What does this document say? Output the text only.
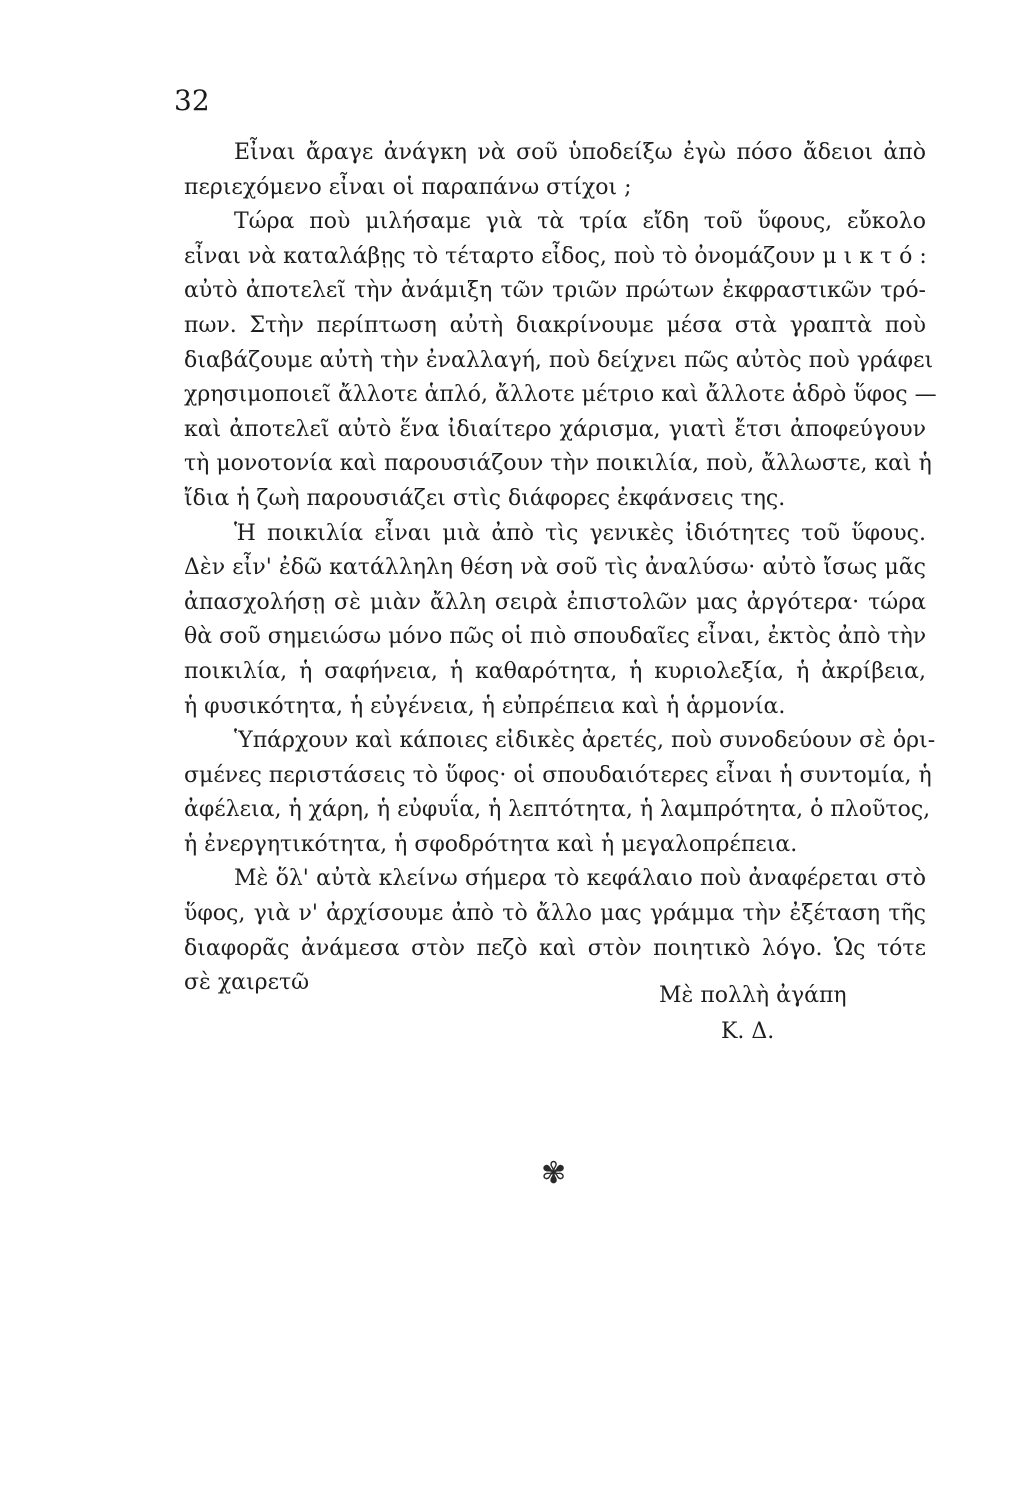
32
Εἶναι ἄραγε ἀνάγκη νὰ σοῦ ὑποδείξω ἐγὼ πόσο ἄδειοι ἀπὸ
περιεχόμενο εἶναι οἱ παραπάνω στίχοι ;
Τώρα ποὺ μιλήσαμε γιὰ τὰ τρία εἴδη τοῦ ὕφους, εὔκολο
εἶναι νὰ καταλάβῃς τὸ τέταρτο εἶδος, ποὺ τὸ ὀνομάζουν μ ι κ τ ό :
αὐτὸ ἀποτελεῖ τὴν ἀνάμιξη τῶν τριῶν πρώτων ἐκφραστικῶν τρό-
πων. Στὴν περίπτωση αὐτὴ διακρίνουμε μέσα στὰ γραπτὰ ποὺ
διαβάζουμε αὐτὴ τὴν ἐναλλαγή, ποὺ δείχνει πῶς αὐτὸς ποὺ γράφει
χρησιμοποιεῖ ἄλλοτε ἁπλό, ἄλλοτε μέτριο καὶ ἄλλοτε ἁδρὸ ὕφος —
καὶ ἀποτελεῖ αὐτὸ ἕνα ἰδιαίτερο χάρισμα, γιατὶ ἔτσι ἀποφεύγουν
τὴ μονοτονία καὶ παρουσιάζουν τὴν ποικιλία, ποὺ, ἄλλωστε, καὶ ἡ
ἴδια ἡ ζωὴ παρουσιάζει στὶς διάφορες ἐκφάνσεις της.
Ἡ ποικιλία εἶναι μιὰ ἀπὸ τὶς γενικὲς ἰδιότητες τοῦ ὕφους.
Δὲν εἶν' ἐδῶ κατάλληλη θέση νὰ σοῦ τὶς ἀναλύσω· αὐτὸ ἴσως μᾶς
ἀπασχολήσῃ σὲ μιὰν ἄλλη σειρὰ ἐπιστολῶν μας ἀργότερα· τώρα
θὰ σοῦ σημειώσω μόνο πῶς οἱ πιὸ σπουδαῖες εἶναι, ἐκτὸς ἀπὸ τὴν
ποικιλία, ἡ σαφήνεια, ἡ καθαρότητα, ἡ κυριολεξία, ἡ ἀκρίβεια,
ἡ φυσικότητα, ἡ εὐγένεια, ἡ εὐπρέπεια καὶ ἡ ἁρμονία.
Ὑπάρχουν καὶ κάποιες εἰδικὲς ἀρετές, ποὺ συνοδεύουν σὲ ὁρι-
σμένες περιστάσεις τὸ ὕφος· οἱ σπουδαιότερες εἶναι ἡ συντομία, ἡ
ἀφέλεια, ἡ χάρη, ἡ εὐφυΐα, ἡ λεπτότητα, ἡ λαμπρότητα, ὁ πλοῦτος,
ἡ ἐνεργητικότητα, ἡ σφοδρότητα καὶ ἡ μεγαλοπρέπεια.
Μὲ ὅλ' αὐτὰ κλείνω σήμερα τὸ κεφάλαιο ποὺ ἀναφέρεται στὸ
ὕφος, γιὰ ν' ἀρχίσουμε ἀπὸ τὸ ἄλλο μας γράμμα τὴν ἐξέταση τῆς
διαφορᾶς ἀνάμεσα στὸν πεζὸ καὶ στὸν ποιητικὸ λόγο. Ὡς τότε
σὲ χαιρετῶ
Μὲ πολλὴ ἀγάπη
Κ. Δ.
✾
